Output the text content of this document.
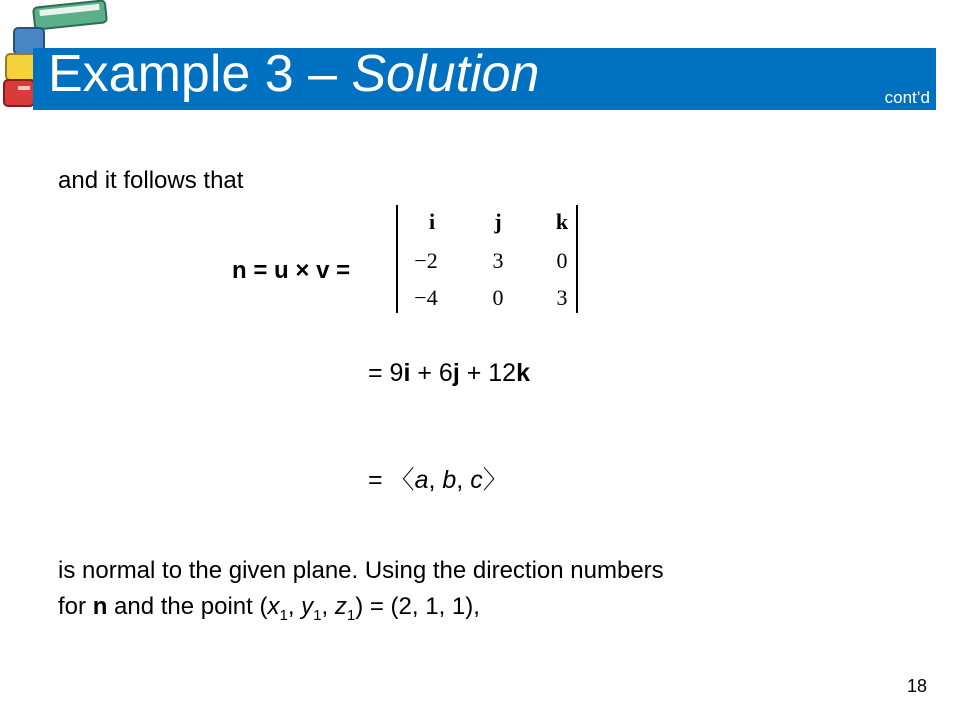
Example 3 – Solution	cont’d
and it follows that
n = u × v =
i	j	k
−2	3	0
−4	0	3
= 9i + 6j + 12k
= 〈a, b, c〉
is normal to the given plane. Using the direction numbers
for n and the point ($x_1$, $y_1$, $z_1) = (2$, 1, 1),
18
